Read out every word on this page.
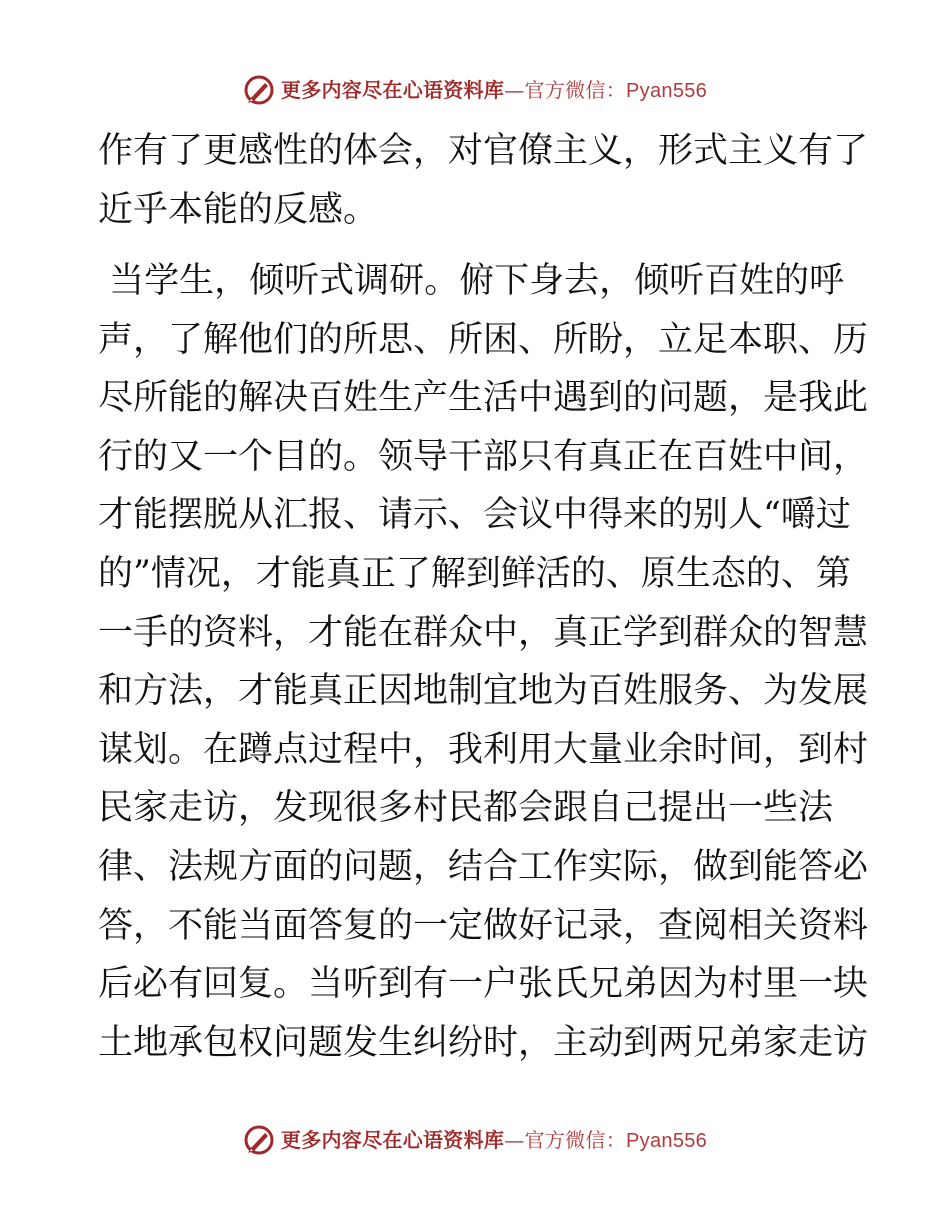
更多内容尽在心语资料库—官方微信：Pyan556
作有了更感性的体会，对官僚主义，形式主义有了
近乎本能的反感。
当学生，倾听式调研。俯下身去，倾听百姓的呼
声，了解他们的所思、所困、所盼，立足本职、历
尽所能的解决百姓生产生活中遇到的问题，是我此
行的又一个目的。领导干部只有真正在百姓中间，
才能摆脱从汇报、请示、会议中得来的别人“嚼过
的”情况，才能真正了解到鲜活的、原生态的、第
一手的资料，才能在群众中，真正学到群众的智慧
和方法，才能真正因地制宜地为百姓服务、为发展
谋划。在蹲点过程中，我利用大量业余时间，到村
民家走访，发现很多村民都会跟自己提出一些法
律、法规方面的问题，结合工作实际，做到能答必
答，不能当面答复的一定做好记录，查阅相关资料
后必有回复。当听到有一户张氏兄弟因为村里一块
土地承包权问题发生纠纷时，主动到两兄弟家走访
更多内容尽在心语资料库—官方微信：Pyan556
